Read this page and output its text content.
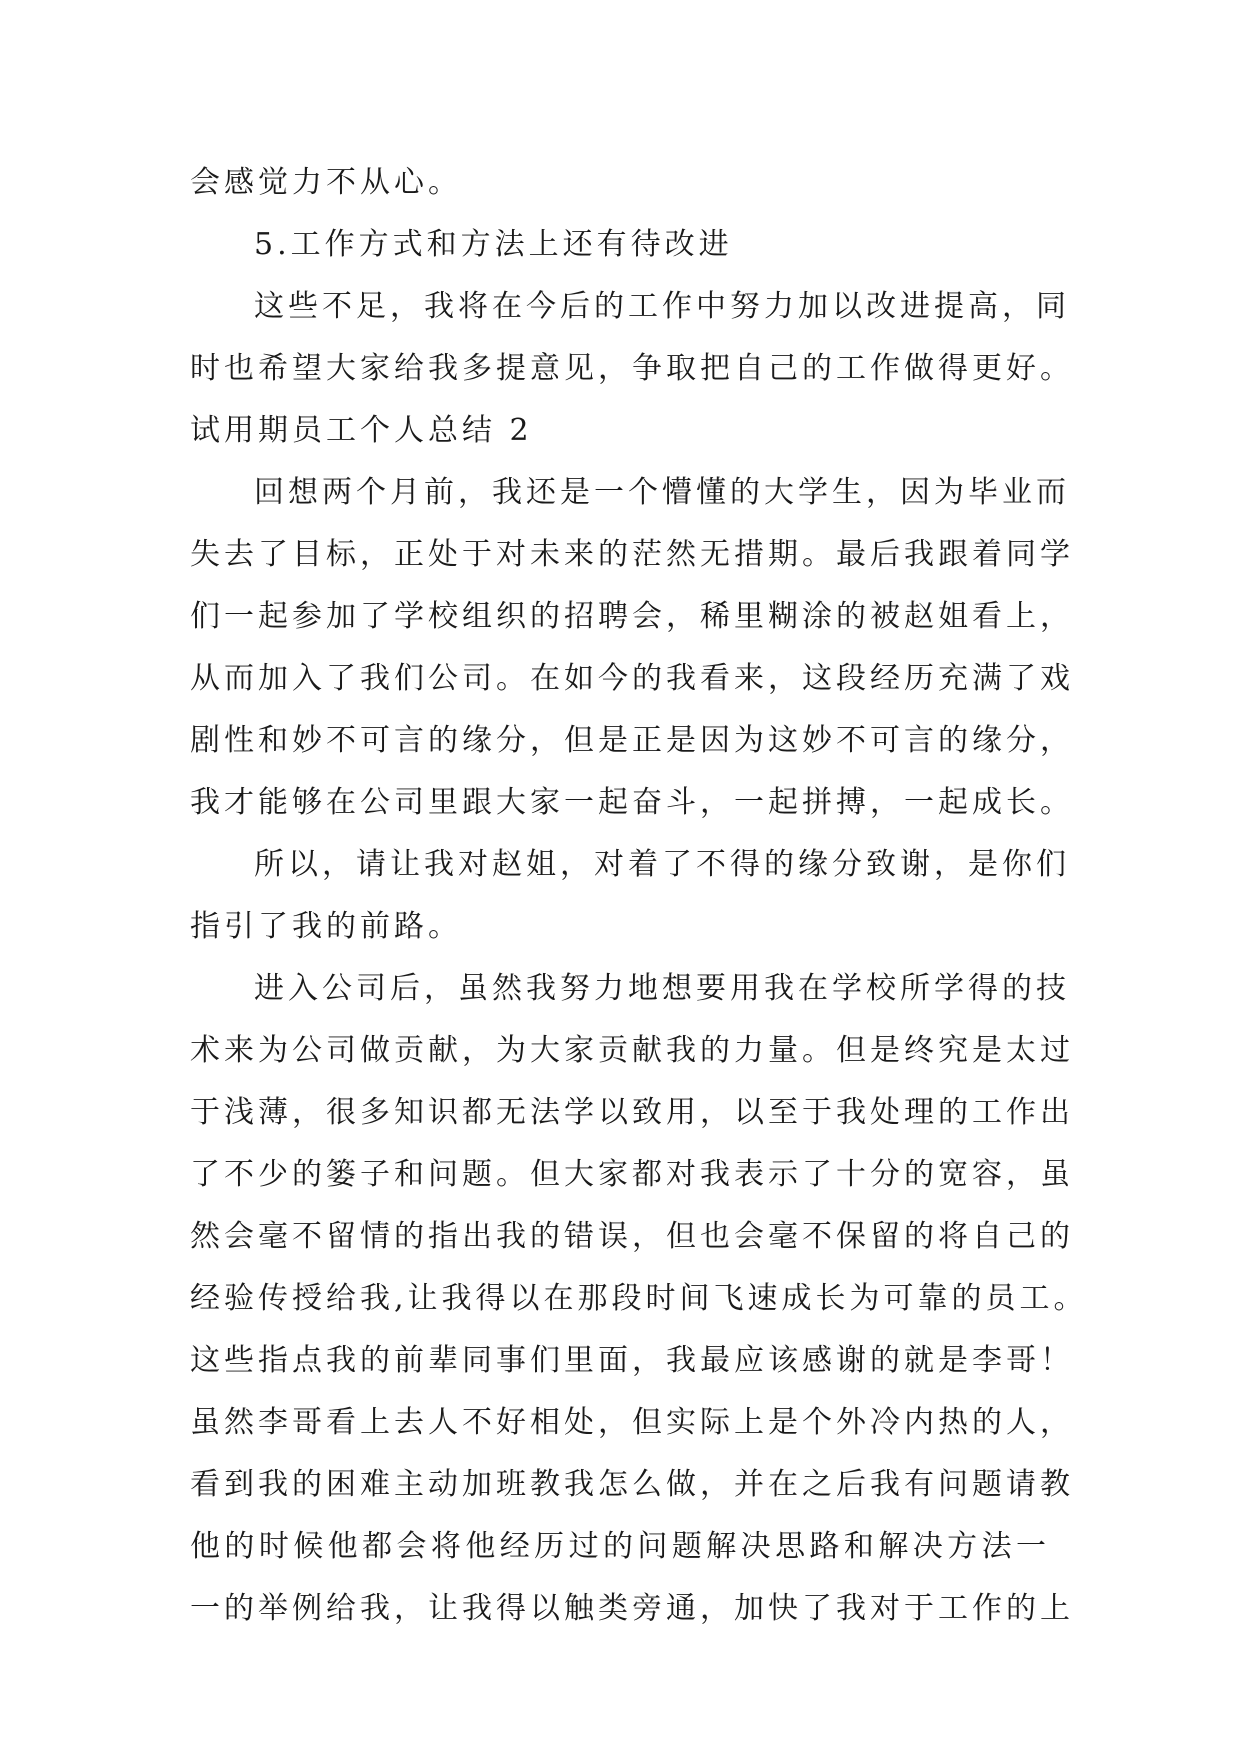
会感觉力不从心。
5.工作方式和方法上还有待改进
这些不足，我将在今后的工作中努力加以改进提高，同
时也希望大家给我多提意见，争取把自己的工作做得更好。
试用期员工个人总结 2
回想两个月前，我还是一个懵懂的大学生，因为毕业而
失去了目标，正处于对未来的茫然无措期。最后我跟着同学
们一起参加了学校组织的招聘会，稀里糊涂的被赵姐看上，
从而加入了我们公司。在如今的我看来，这段经历充满了戏
剧性和妙不可言的缘分，但是正是因为这妙不可言的缘分，
我才能够在公司里跟大家一起奋斗，一起拼搏，一起成长。
所以，请让我对赵姐，对着了不得的缘分致谢，是你们
指引了我的前路。
进入公司后，虽然我努力地想要用我在学校所学得的技
术来为公司做贡献，为大家贡献我的力量。但是终究是太过
于浅薄，很多知识都无法学以致用，以至于我处理的工作出
了不少的篓子和问题。但大家都对我表示了十分的宽容，虽
然会毫不留情的指出我的错误，但也会毫不保留的将自己的
经验传授给我,让我得以在那段时间飞速成长为可靠的员工。
这些指点我的前辈同事们里面，我最应该感谢的就是李哥！
虽然李哥看上去人不好相处，但实际上是个外冷内热的人，
看到我的困难主动加班教我怎么做，并在之后我有问题请教
他的时候他都会将他经历过的问题解决思路和解决方法一
一的举例给我，让我得以触类旁通，加快了我对于工作的上
